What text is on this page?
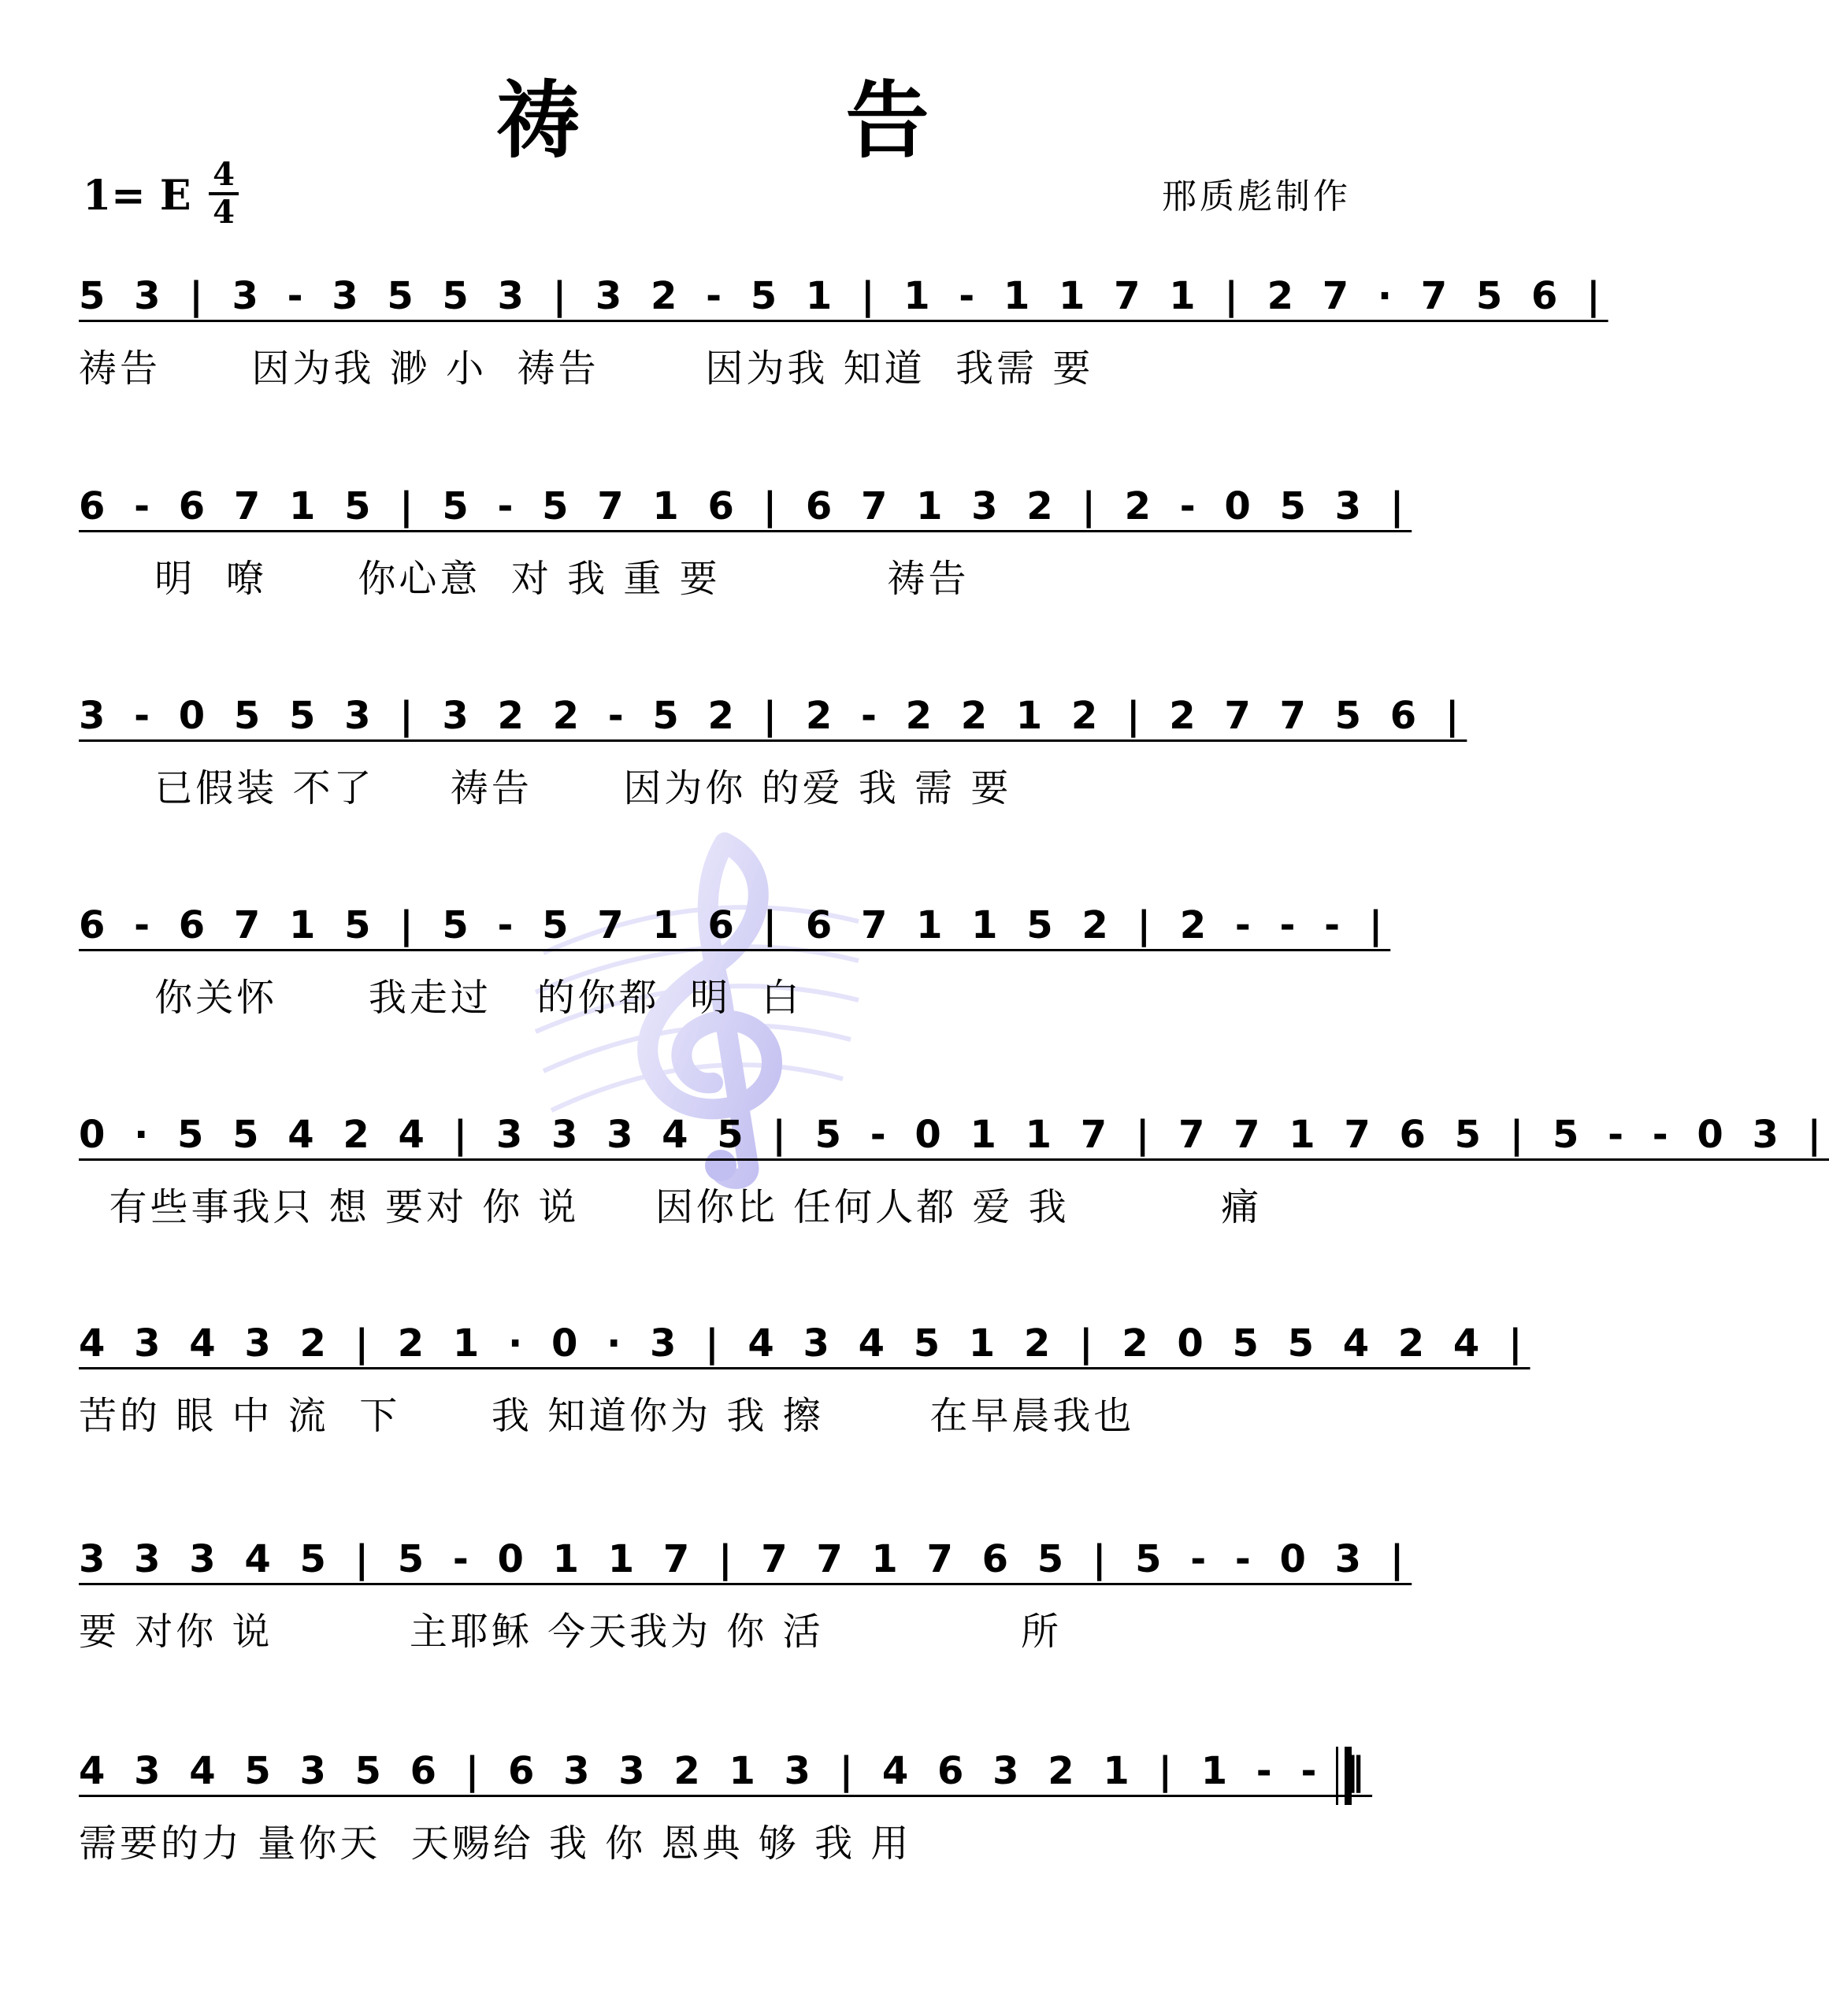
祷 告
1= E $\frac{4}{4}$	邢质彪制作
5 3 | 3 - 3 5 5 3 | 3 2 - 5 1 | 1 - 1 1 7 1 | 2 7 · 7 5 6 |
祷告      因为我 渺 小  祷告       因为我 知道  我需 要
6 - 6 7 1 5 | 5 - 5 7 1 6 | 6 7 1 3 2 | 2 - 0 5 3 |
明  嘹      你心意  对 我 重 要           祷告
3 - 0 5 5 3 | 3 2 2 - 5 2 | 2 - 2 2 1 2 | 2 7 7 5 6 |
已假装 不了     祷告      因为你 的爱 我 需 要
6 - 6 7 1 5 | 5 - 5 7 1 6 | 6 7 1 1 5 2 | 2 - - - |
你关怀      我走过   的你都  明  白
0 · 5 5 4 2 4 | 3 3 3 4 5 | 5 - 0 1 1 7 | 7 7 1 7 6 5 | 5 - - 0 3 |
有些事我只 想 要对 你 说     因你比 任何人都 爱 我          痛
4 3 4 3 2 | 2 1 · 0 · 3 | 4 3 4 5 1 2 | 2 0 5 5 4 2 4 |
苦的 眼 中 流  下      我 知道你为 我 擦       在早晨我也
3 3 3 4 5 | 5 - 0 1 1 7 | 7 7 1 7 6 5 | 5 - - 0 3 |
要 对你 说         主耶稣 今天我为 你 活             所
4 3 4 5 3 5 6 | 6 3 3 2 1 3 | 4 6 3 2 1 | 1 - - ‖
需要的力 量你天  天赐给 我 你 恩典 够 我 用
